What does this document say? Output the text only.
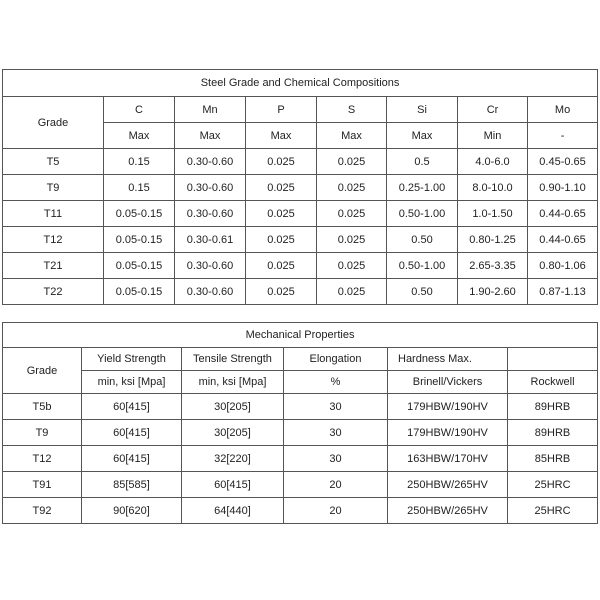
Steel Grade and Chemical Compositions							
Grade	C	Mn	P	S	Si	Cr	Mo
	Max	Max	Max	Max	Max	Min	-
T5	0.15	0.30-0.60	0.025	0.025	0.5	4.0-6.0	0.45-0.65
T9	0.15	0.30-0.60	0.025	0.025	0.25-1.00	8.0-10.0	0.90-1.10
T11	0.05-0.15	0.30-0.60	0.025	0.025	0.50-1.00	1.0-1.50	0.44-0.65
T12	0.05-0.15	0.30-0.61	0.025	0.025	0.50	0.80-1.25	0.44-0.65
T21	0.05-0.15	0.30-0.60	0.025	0.025	0.50-1.00	2.65-3.35	0.80-1.06
T22	0.05-0.15	0.30-0.60	0.025	0.025	0.50	1.90-2.60	0.87-1.13
Mechanical Properties					
Grade	Yield Strength	Tensile Strength	Elongation	Hardness Max.	
	min, ksi [Mpa]	min, ksi [Mpa]	%	Brinell/Vickers	Rockwell
T5b	60[415]	30[205]	30	179HBW/190HV	89HRB
T9	60[415]	30[205]	30	179HBW/190HV	89HRB
T12	60[415]	32[220]	30	163HBW/170HV	85HRB
T91	85[585]	60[415]	20	250HBW/265HV	25HRC
T92	90[620]	64[440]	20	250HBW/265HV	25HRC
